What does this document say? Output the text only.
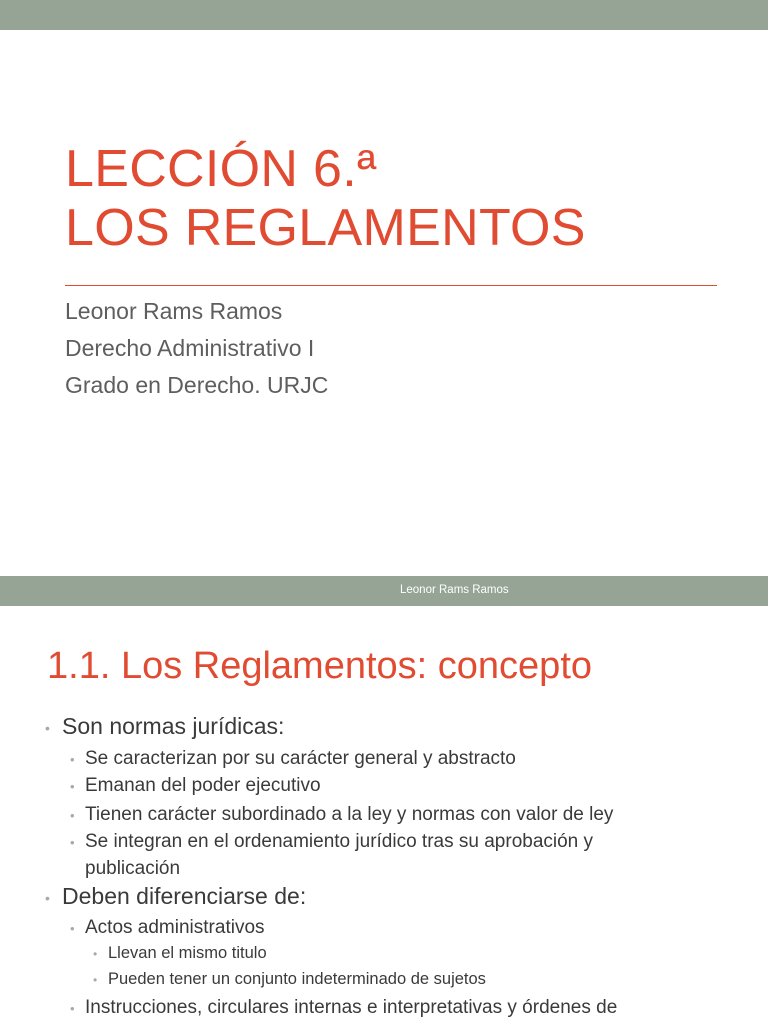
LECCIÓN 6.ª
LOS REGLAMENTOS
Leonor Rams Ramos
Derecho Administrativo I
Grado en Derecho. URJC
Leonor Rams Ramos
1.1. Los Reglamentos: concepto
• Son normas jurídicas:
• Se caracterizan por su carácter general y abstracto
• Emanan del poder ejecutivo
• Tienen carácter subordinado a la ley y normas con valor de ley
• Se integran en el ordenamiento jurídico tras su aprobación y
publicación
• Deben diferenciarse de:
• Actos administrativos
• Llevan el mismo titulo
• Pueden tener un conjunto indeterminado de sujetos
• Instrucciones, circulares internas e interpretativas y órdenes de
